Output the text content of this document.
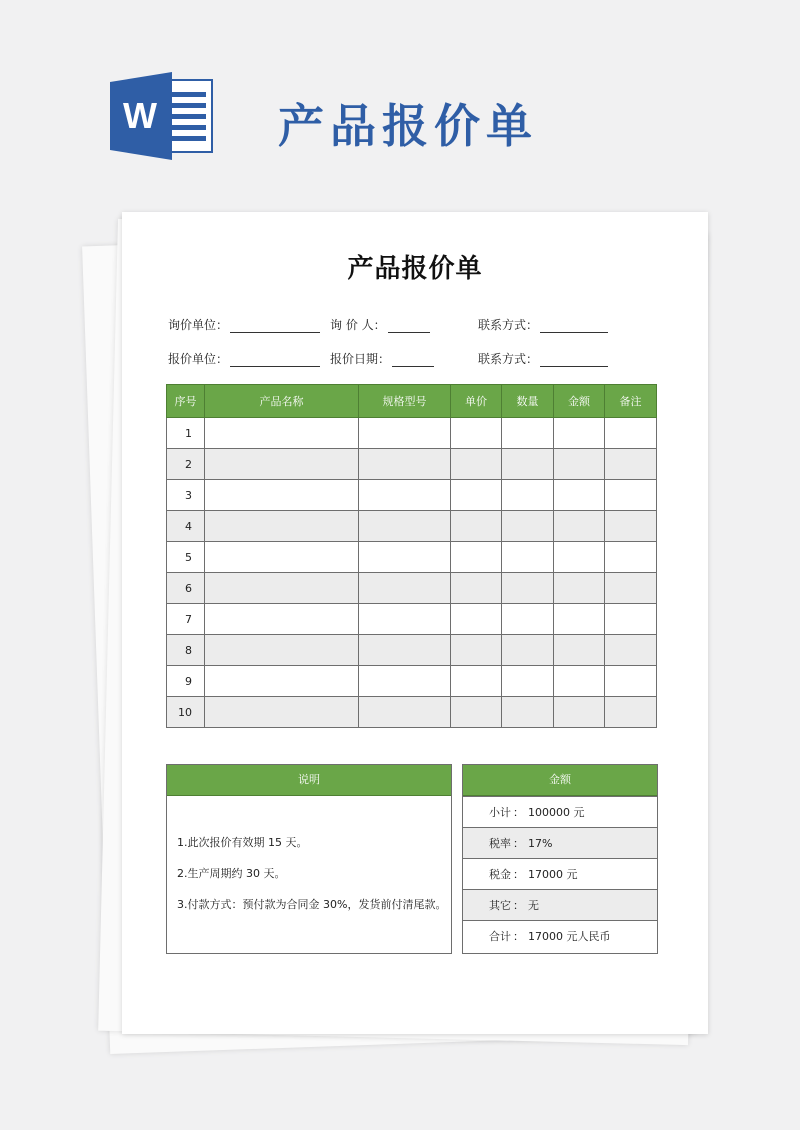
W	产品报价单
产品报价单
询价单位：	询 价 人：	联系方式：
报价单位：	报价日期：	联系方式：
序号	产品名称	规格型号	单价	数量	金额	备注
1						
2						
3						
4						
5						
6						
7						
8						
9						
10						
说明
1.此次报价有效期 15 天。
2.生产周期约 30 天。
3.付款方式：预付款为合同金 30%，发货前付清尾款。
金额
小计 ： 100000 元
税率 ： 17%
税金 ： 17000 元
其它 ： 无
合计 ： 17000 元人民币
